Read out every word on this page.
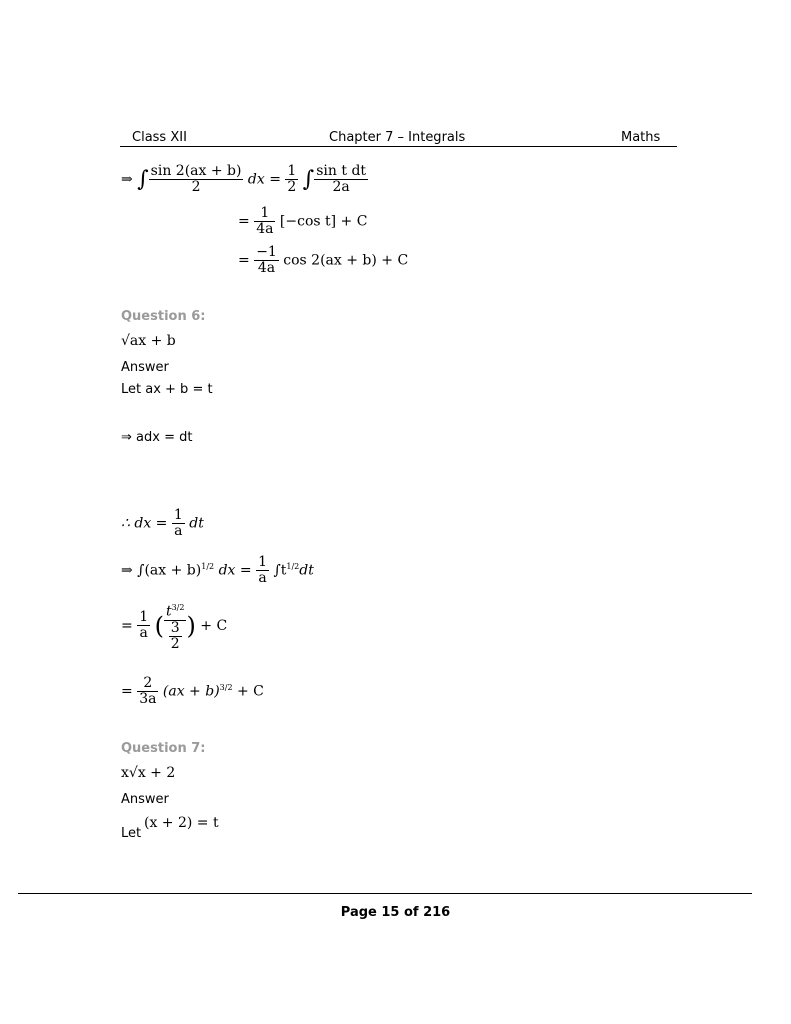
Class XII	Chapter 7 – Integrals	Maths
⇒ ∫ $\frac{\sin 2(ax + b)}{2}$ dx = $\frac{1}{2}$ ∫ $\frac{\text{sin t dt}}{2a}$
= $\frac{1}{4a} [-\cos$ t] + C
= $\frac{-1}{4a}$ cos 2(ax + b) + C
Question 6:
√ax + b
Answer
Let ax + b = t
⇒ adx = dt
∴ dx = $\frac{1}{a}$ dt
⇒ ∫(ax + b)$^{1/2}$ dx = $\frac{1}{a} \int t^{1/2}dt$
= $\frac{1}{a}$ ( $\frac{t^{3/2}}{\frac{3}{2}}$ ) + C
= $\frac{2}{3a} (ax + b)^{3/2} + C$
Question 7:
x√x + 2
Answer
Let
(x + 2) = t
Page 15 of 216
